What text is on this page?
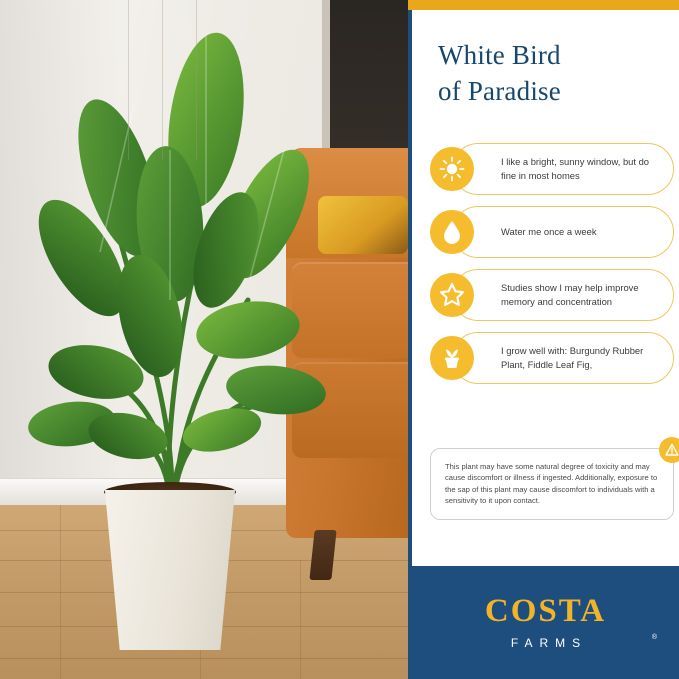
White Bird
of Paradise
I like a bright, sunny window, but do fine in most homes
Water me once a week
Studies show I may help improve memory and concentration
I grow well with: Burgundy Rubber Plant, Fiddle Leaf Fig,
This plant may have some natural degree of toxicity and may cause discomfort or illness if ingested. Additionally, exposure to the sap of this plant may cause discomfort to individuals with a sensitivity to it upon contact.
COSTA
FARMS	®
